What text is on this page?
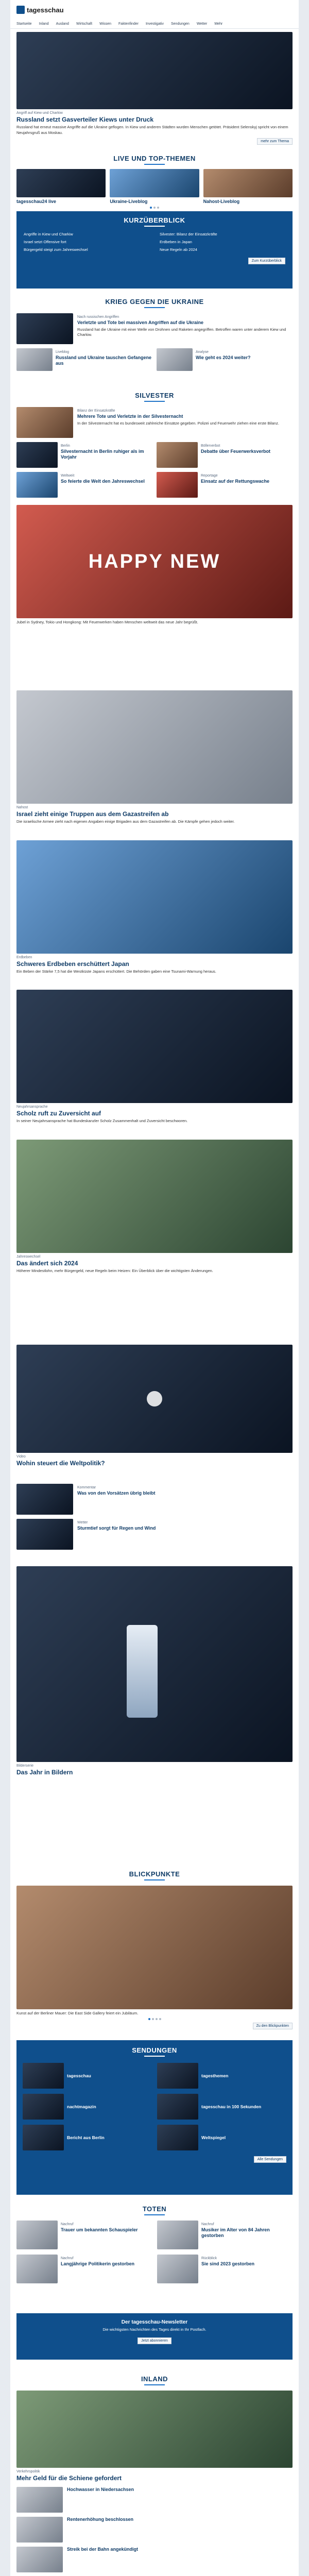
tagesschau
Startseite Inland Ausland Wirtschaft Wissen Faktenfinder Investigativ Sendungen Wetter Mehr
Angriff auf Kiew und Charkiw
Russland setzt Gasverteiler Kiews unter Druck
Russland hat erneut massive Angriffe auf die Ukraine geflogen. In Kiew und anderen Städten wurden Menschen getötet. Präsident Selenskyj spricht von einem Neujahrsgruß aus Moskau.
mehr zum Thema
LIVE UND TOP-THEMEN
tagesschau24 live	Ukraine-Liveblog	Nahost-Liveblog
KURZÜBERBLICK
Angriffe in Kiew und Charkiw	Silvester: Bilanz der Einsatzkräfte
Israel setzt Offensive fort	Erdbeben in Japan
Bürgergeld steigt zum Jahreswechsel	Neue Regeln ab 2024
Zum Kurzüberblick
KRIEG GEGEN DIE UKRAINE
Nach russischen Angriffen
Verletzte und Tote bei massiven Angriffen auf die Ukraine
Russland hat die Ukraine mit einer Welle von Drohnen und Raketen angegriffen. Betroffen waren unter anderem Kiew und Charkiw.
Liveblog
Russland und Ukraine tauschen Gefangene aus
Analyse
Wie geht es 2024 weiter?
SILVESTER
Bilanz der Einsatzkräfte
Mehrere Tote und Verletzte in der Silvesternacht
In der Silvesternacht hat es bundesweit zahlreiche Einsätze gegeben. Polizei und Feuerwehr ziehen eine erste Bilanz.
Berlin
Silvesternacht in Berlin ruhiger als im Vorjahr
Böllerverbot
Debatte über Feuerwerksverbot
Weltweit
So feierte die Welt den Jahreswechsel
Reportage
Einsatz auf der Rettungswache
HAPPY NEW
Jubel in Sydney, Tokio und Hongkong: Mit Feuerwerken haben Menschen weltweit das neue Jahr begrüßt.
Nahost
Israel zieht einige Truppen aus dem Gazastreifen ab
Die israelische Armee zieht nach eigenen Angaben einige Brigaden aus dem Gazastreifen ab. Die Kämpfe gehen jedoch weiter.
Erdbeben
Schweres Erdbeben erschüttert Japan
Ein Beben der Stärke 7,5 hat die Westküste Japans erschüttert. Die Behörden gaben eine Tsunami-Warnung heraus.
Neujahrsansprache
Scholz ruft zu Zuversicht auf
In seiner Neujahrsansprache hat Bundeskanzler Scholz Zusammenhalt und Zuversicht beschworen.
Jahreswechsel
Das ändert sich 2024
Höherer Mindestlohn, mehr Bürgergeld, neue Regeln beim Heizen: Ein Überblick über die wichtigsten Änderungen.
Video
Wohin steuert die Weltpolitik?
Kommentar
Was von den Vorsätzen übrig bleibt
Wetter
Sturmtief sorgt für Regen und Wind
Bilderserie
Das Jahr in Bildern
BLICKPUNKTE
Kunst auf der Berliner Mauer: Die East Side Gallery feiert ein Jubiläum.
Zu den Blickpunkten
SENDUNGEN
tagesschau	tagesthemen
nachtmagazin	tagesschau in 100 Sekunden
Bericht aus Berlin	Weltspiegel
Alle Sendungen
TOTEN
Nachruf
Trauer um bekannten Schauspieler
Nachruf
Musiker im Alter von 84 Jahren gestorben
Nachruf
Langjährige Politikerin gestorben
Rückblick
Sie sind 2023 gestorben
Der tagesschau-Newsletter
Die wichtigsten Nachrichten des Tages direkt in Ihr Postfach.
Jetzt abonnieren
INLAND
Verkehrspolitik
Mehr Geld für die Schiene gefordert
Hochwasser in Niedersachsen
Rentenerhöhung beschlossen
Streik bei der Bahn angekündigt
